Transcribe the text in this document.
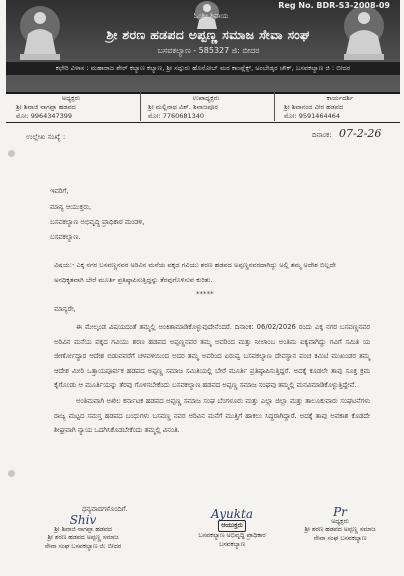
Reg No. BDR-S3-2008-09
ಓಂಶ್ರೀ ಶಿವಾಯ
ಶ್ರೀ ಶರಣ ಹಡಪದ ಅಪ್ಪಣ್ಣ ಸಮಾಜ ಸೇವಾ ಸಂಘ
ಬಸವಕಲ್ಯಾಣ - 585327 ಜಿ: ಬೀದರ
ಕಛೇರಿ ವಿಳಾಸ : ಮಹಾರಾಜ ಶೇರ್ ಕಲ್ಯಾಣ ಕಲ್ಯಾಣ, ಶ್ರೀ ಸದ್ಗುರು ಹೊನೋಬ್ ಮಠ ಕಾಂಪ್ಲೆಕ್ಸ್, ಅಂಬೇಡ್ಕರ ಚೌಕ್, ಬಸವಕಲ್ಯಾಣ ಜಿ : ಬೀದರ
ಅಧ್ಯಕ್ಷರು
ಶ್ರೀ ಶಿವಾಜಿ ನಾಗಪ್ಪಾ ಹಡಪದ
ಮೋ: 9964347399
ಉಪಾಧ್ಯಕ್ಷರು
ಶ್ರೀ ಮಲ್ಲಿನಾಥ ವಿಶ್. ಶಿವಾಜಪೂರ
ಮೋ: 7760681340
ಕಾರ್ಯದರ್ಶಿ
ಶ್ರೀ ಶಿವಾನಂದ ವೀರ ಹಡಪದ
ಮೋ: 9591464464
ಉಲ್ಲೇಖ ಸಂಖ್ಯೆ :	ದಿನಾಂಕ: 07-2-26
ಇವರಿಗೆ,
ಮಾನ್ಯ ಆಯುಕ್ತರು,
ಬಸವಕಲ್ಯಾಣ ಅಭಿವೃದ್ಧಿ ಪ್ರಾಧಿಕಾರ ಮಂಡಳಿ,
ಬಸವಕಲ್ಯಾಣ.
ವಿಷಯ:- ಎಕ್ಕ ನಗರ ಬಸವಣ್ಣನವರ ಅರಿವಿನ ಮನೆಯ ಪಕ್ಕದ ಗವಿಯು ಶರಣ ಹಡಪದ ಅಪ್ಪಣ್ಣನವರದಾಗಿದ್ದು ಅಲ್ಲಿ ತಮ್ಮ ಅದೇಶ ಬಿಲ್ಲದೇ ಅನಧಿಕೃತವಾಗಿ ಬೇರೆ ಮೂರ್ತಿ ಪ್ರತಿಷ್ಠಾಪಿಸುತ್ತಿದ್ದನ್ನು ತೆರವುಗೊಳಿಸುವ ಕುರಿತು.
*****
ಮಾನ್ಯರೇ,

ಈ ಮೇಲ್ಕಂಡ ವಿಷಯದಂತೆ ತಮ್ಮಲ್ಲಿ ಅಂಕಿತಾಮಾಡಿಕೊಳ್ಳುವುದೇನೆಂದರೆ. ದಿನಾಂಕ: 06/02/2026 ರಂದು ಎಕ್ಕ ನಗರ ಬಸವಣ್ಣನವರ ಅರಿವಿನ ಮನೆಯ ಪಕ್ಕದ ಗವಿಯು ಶರಣ ಹಡಪದ ಅಪ್ಪಣ್ಣನವರ ತಮ್ಮ ಅವರಿಂದ ಮತ್ತು ನೀಲಾಂಬ ಅಂತಿಮ ಐಕ್ಯವಾಗಿದ್ದು ಗವಿಗೆ ಸಮಿತಿ ಯ ಜೀರ್ಣೋದ್ಧಾರ ಆದೇಶ ಬಿಡುವವರೆಗೆ ಚಳವಳಿಯಿಂದ ಅದರ ತಮ್ಮ ಅವರಿಂದ ಏರುವ್ವ ಬಸವಕಲ್ಯಾಣ ದೇವಸ್ಥಾನ ಪಂಚ ಕಮಿಟಿ ಮುಖಂಡರ ತಮ್ಮ ಆದೇಶ ಮೀರಿ ಒತ್ತಾಯಪೂರ್ವಕ ಹಡಪದ ಅಪ್ಪಣ್ಣ ಸಮಾಜ ಸಮಿತಿಯಲ್ಲಿ ಬೇರೆ ಮೂರ್ತಿ ಪ್ರತಿಷ್ಠಾಪಿಸುತ್ತಿದ್ದರೆ. ಅದಕ್ಕೆ ಕೂಡಲೇ ತಾವು ಸೂಕ್ತ ಕ್ರಮ ಕೈಗೊಂಡು ಆ ಮೂರ್ತಿಯನ್ನು ತೆರವು ಗೊಳಿಸಬೇಕೆಂದು ಬಸವಕಲ್ಯಾಣ ಹಡಪದ ಅಪ್ಪಣ್ಣ ಸಮಾಜ ಸಂಘವು ತಮ್ಮಲ್ಲಿ ಮನವಿಮಾಡಿಕೊಳ್ಳುತ್ತಿದ್ದೇವೆ.

ಅಂತಿಮವಾಗಿ ಅಖಿಲ ಕರ್ನಾಟಕ ಹಡಪದ ಅಪ್ಪಣ್ಣ ಸಮಾಜ ಸಂಘ ಬೆಂಗಳೂರು ಮತ್ತು ಎಲ್ಲಾ ಜಿಲ್ಲಾ ಮತ್ತು ತಾಲೂಕುವಾರು ಸಂಘಟನೆಗಳು ರಾಜ್ಯ ಮಟ್ಟದ ಸಮಸ್ತ ಹಡಪದ ಬಂಧುಗಳು ಬಸವಣ್ಣ ನವರ ಅರಿವಿನ ಮನೆಗೆ ಮುತ್ತಿಗೆ ಹಾಕಲು ಸಿದ್ಧರಾಗಿದ್ದಾರೆ. ಅದಕ್ಕೆ ತಾವು ಅವಕಾಶ ಕೊಡದೇ ಶೀಘ್ರವಾಗಿ ನ್ಯಾಯ ಒದಗಿಸಿಕೊಡಬೇಕೆಂದು ತಮ್ಮಲ್ಲಿ ವಿನಂತಿ.

ಧನ್ಯವಾದಗಳೊಂದಿಗೆ.
Shiv
ಶ್ರೀ ಶಿವಾಜಿ ನಾಗಪ್ಪಾ ಹಡಪದ
ಶ್ರೀ ಶರಣ ಹಡಪದ ಅಪ್ಪಣ್ಣ ಸಮಾಜ
ಸೇವಾ ಸಂಘ ಬಸವಕಲ್ಯಾಣ ಜಿ: ಬೀದರ
Ayukta
ಆಯುಕ್ತರು
ಬಸವಕಲ್ಯಾಣ ಅಭಿವೃದ್ಧಿ ಪ್ರಾಧಿಕಾರ
ಬಸವಕಲ್ಯಾಣ
Pr
ಅಧ್ಯಕ್ಷರು
ಶ್ರೀ ಶರಣ ಹಡಪದ ಅಪ್ಪಣ್ಣ ಸಮಾಜ
ಸೇವಾ ಸಂಘ ಬಸವಕಲ್ಯಾಣ
